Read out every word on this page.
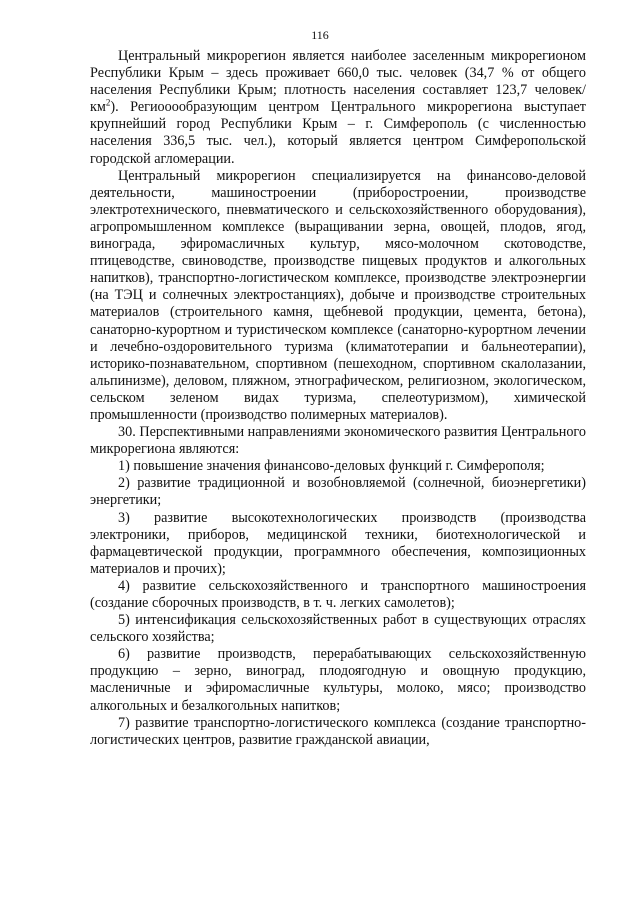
116

Центральный микрорегион является наиболее заселенным микрорегионом Республики Крым – здесь проживает 660,0 тыс. человек (34,7 % от общего населения Республики Крым; плотность населения составляет 123,7 человек/$км^2$). Региооообразующим центром Центрального микрорегиона выступает крупнейший город Республики Крым – г. Симферополь (с численностью населения 336,5 тыс. чел.), который является центром Симферопольской городской агломерации.

Центральный микрорегион специализируется на финансово-деловой деятельности, машиностроении (приборостроении, производстве электротехнического, пневматического и сельскохозяйственного оборудования), агропромышленном комплексе (выращивании зерна, овощей, плодов, ягод, винограда, эфиромасличных культур, мясо-молочном скотоводстве, птицеводстве, свиноводстве, производстве пищевых продуктов и алкогольных напитков), транспортно-логистическом комплексе, производстве электроэнергии (на ТЭЦ и солнечных электростанциях), добыче и производстве строительных материалов (строительного камня, щебневой продукции, цемента, бетона), санаторно-курортном и туристическом комплексе (санаторно-курортном лечении и лечебно-оздоровительного туризма (климатотерапии и бальнеотерапии), историко-познавательном, спортивном (пешеходном, спортивном скалолазании, альпинизме), деловом, пляжном, этнографическом, религиозном, экологическом, сельском зеленом видах туризма, спелеотуризмом), химической промышленности (производство полимерных материалов).

30. Перспективными направлениями экономического развития Центрального микрорегиона являются:

1) повышение значения финансово-деловых функций г. Симферополя;

2) развитие традиционной и возобновляемой (солнечной, биоэнергетики) энергетики;

3) развитие высокотехнологических производств (производства электроники, приборов, медицинской техники, биотехнологической и фармацевтической продукции, программного обеспечения, композиционных материалов и прочих);

4) развитие сельскохозяйственного и транспортного машиностроения (создание сборочных производств, в т. ч. легких самолетов);

5) интенсификация сельскохозяйственных работ в существующих отраслях сельского хозяйства;

6) развитие производств, перерабатывающих сельскохозяйственную продукцию – зерно, виноград, плодоягодную и овощную продукцию, масленичные и эфиромасличные культуры, молоко, мясо; производство алкогольных и безалкогольных напитков;

7) развитие транспортно-логистического комплекса (создание транспортно-логистических центров, развитие гражданской авиации,
